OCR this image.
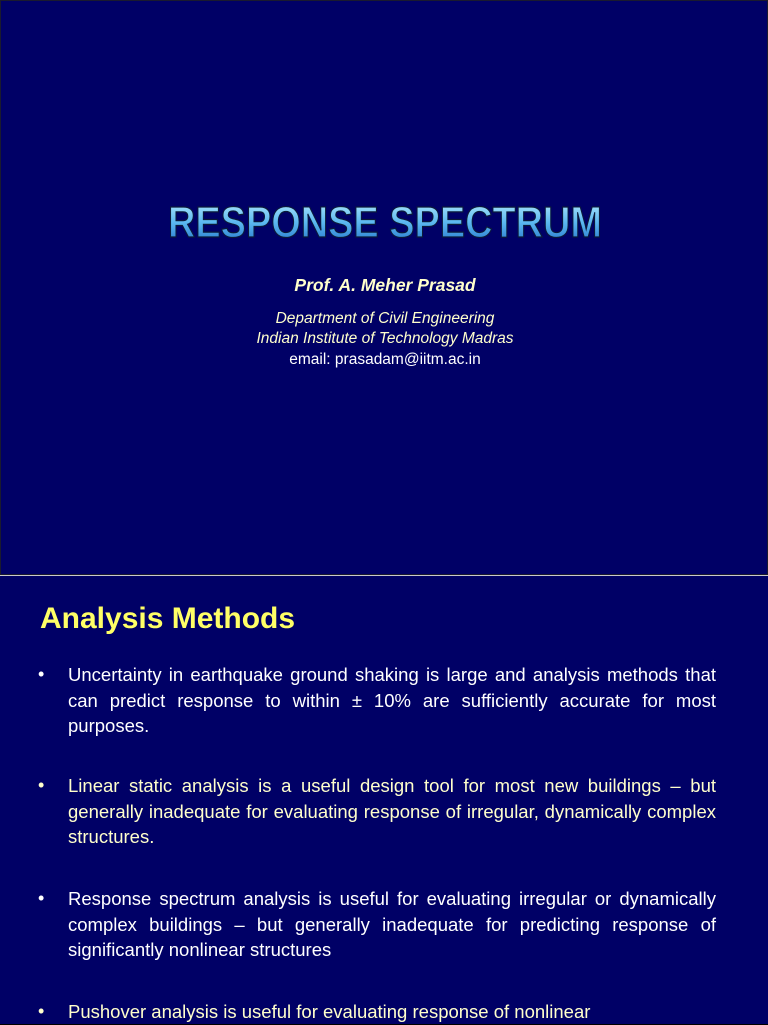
RESPONSE SPECTRUM
Prof. A. Meher Prasad
Department of Civil Engineering
Indian Institute of Technology Madras
email: prasadam@iitm.ac.in
Analysis Methods
• Uncertainty in earthquake ground shaking is large and analysis methods that can predict response to within ± 10% are sufficiently accurate for most purposes.
• Linear static analysis is a useful design tool for most new buildings – but generally inadequate for evaluating response of irregular, dynamically complex structures.
• Response spectrum analysis is useful for evaluating irregular or dynamically complex buildings – but generally inadequate for predicting response of significantly nonlinear structures
• Pushover analysis is useful for evaluating response of nonlinear
